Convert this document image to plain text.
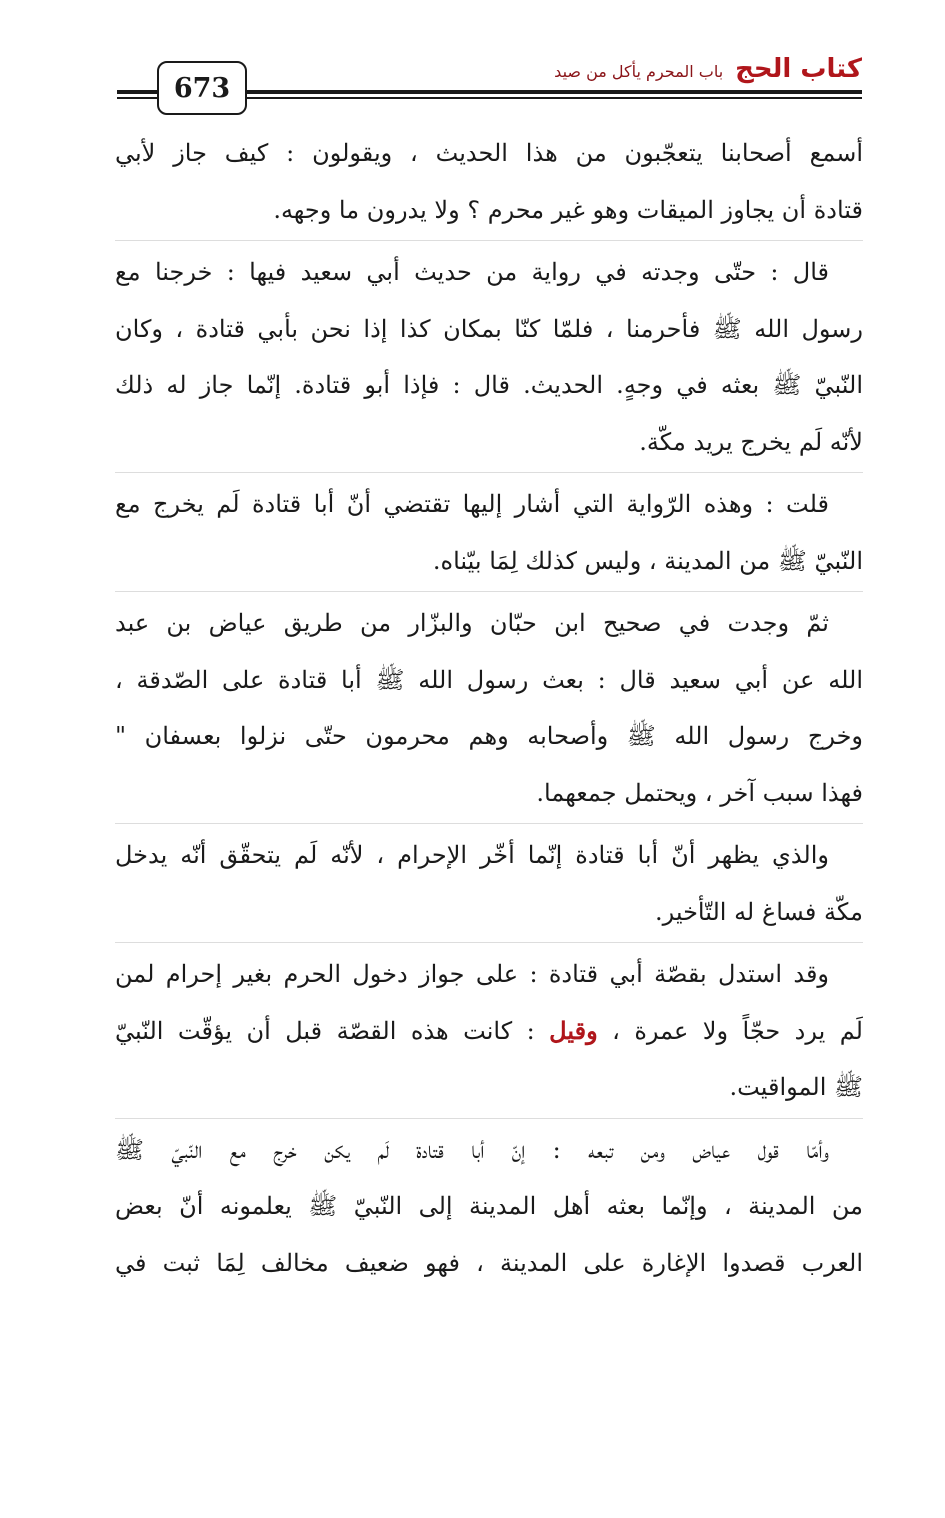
673
كتاب الحج
باب المحرم يأكل من صيد
أسمع أصحابنا يتعجّبون من هذا الحديث ، ويقولون : كيف جاز لأبي
قتادة أن يجاوز الميقات وهو غير محرم ؟ ولا يدرون ما وجهه.
قال : حتّى وجدته في رواية من حديث أبي سعيد فيها : خرجنا مع
رسول الله ﷺ فأحرمنا ، فلمّا كنّا بمكان كذا إذا نحن بأبي قتادة ، وكان
النّبيّ ﷺ بعثه في وجهٍ. الحديث. قال : فإذا أبو قتادة. إنّما جاز له ذلك
لأنّه لَم يخرج يريد مكّة.
قلت : وهذه الرّواية التي أشار إليها تقتضي أنّ أبا قتادة لَم يخرج مع
النّبيّ ﷺ من المدينة ، وليس كذلك لِمَا بيّناه.
ثمّ وجدت في صحيح ابن حبّان والبزّار من طريق عياض بن عبد
الله عن أبي سعيد قال : بعث رسول الله ﷺ أبا قتادة على الصّدقة ،
وخرج رسول الله ﷺ وأصحابه وهم محرمون حتّى نزلوا بعسفان "
فهذا سبب آخر ، ويحتمل جمعهما.
والذي يظهر أنّ أبا قتادة إنّما أخّر الإحرام ، لأنّه لَم يتحقّق أنّه يدخل
مكّة فساغ له التّأخير.
وقد استدل بقصّة أبي قتادة : على جواز دخول الحرم بغير إحرام لمن
لَم يرد حجّاً ولا عمرة ، وقيل : كانت هذه القصّة قبل أن يؤقّت النّبيّ
ﷺ المواقيت.
وأمّا قول عياض ومن تبعه : إنّ أبا قتادة لَم يكن خرج مع النّبيّ ﷺ
من المدينة ، وإنّما بعثه أهل المدينة إلى النّبيّ ﷺ يعلمونه أنّ بعض
العرب قصدوا الإغارة على المدينة ، فهو ضعيف مخالف لِمَا ثبت في
